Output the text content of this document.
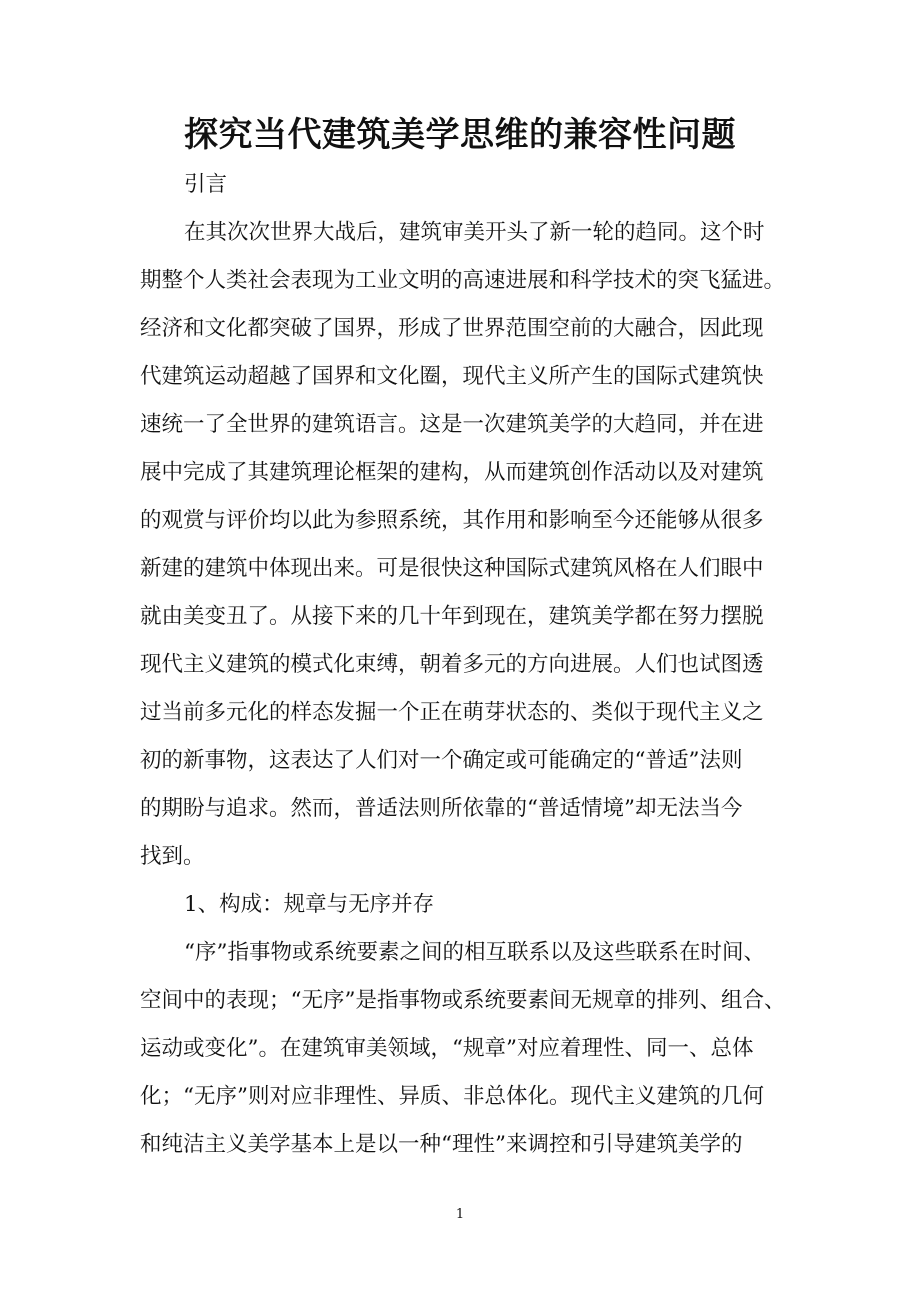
探究当代建筑美学思维的兼容性问题
引言
在其次次世界大战后，建筑审美开头了新一轮的趋同。这个时
期整个人类社会表现为工业文明的高速进展和科学技术的突飞猛进。
经济和文化都突破了国界，形成了世界范围空前的大融合，因此现
代建筑运动超越了国界和文化圈，现代主义所产生的国际式建筑快
速统一了全世界的建筑语言。这是一次建筑美学的大趋同，并在进
展中完成了其建筑理论框架的建构，从而建筑创作活动以及对建筑
的观赏与评价均以此为参照系统，其作用和影响至今还能够从很多
新建的建筑中体现出来。可是很快这种国际式建筑风格在人们眼中
就由美变丑了。从接下来的几十年到现在，建筑美学都在努力摆脱
现代主义建筑的模式化束缚，朝着多元的方向进展。人们也试图透
过当前多元化的样态发掘一个正在萌芽状态的、类似于现代主义之
初的新事物，这表达了人们对一个确定或可能确定的“普适”法则
的期盼与追求。然而，普适法则所依靠的“普适情境”却无法当今
找到。
1、构成：规章与无序并存
“序”指事物或系统要素之间的相互联系以及这些联系在时间、
空间中的表现；“无序”是指事物或系统要素间无规章的排列、组合、
运动或变化”。在建筑审美领域，“规章”对应着理性、同一、总体
化；“无序”则对应非理性、异质、非总体化。现代主义建筑的几何
和纯洁主义美学基本上是以一种“理性”来调控和引导建筑美学的
1
